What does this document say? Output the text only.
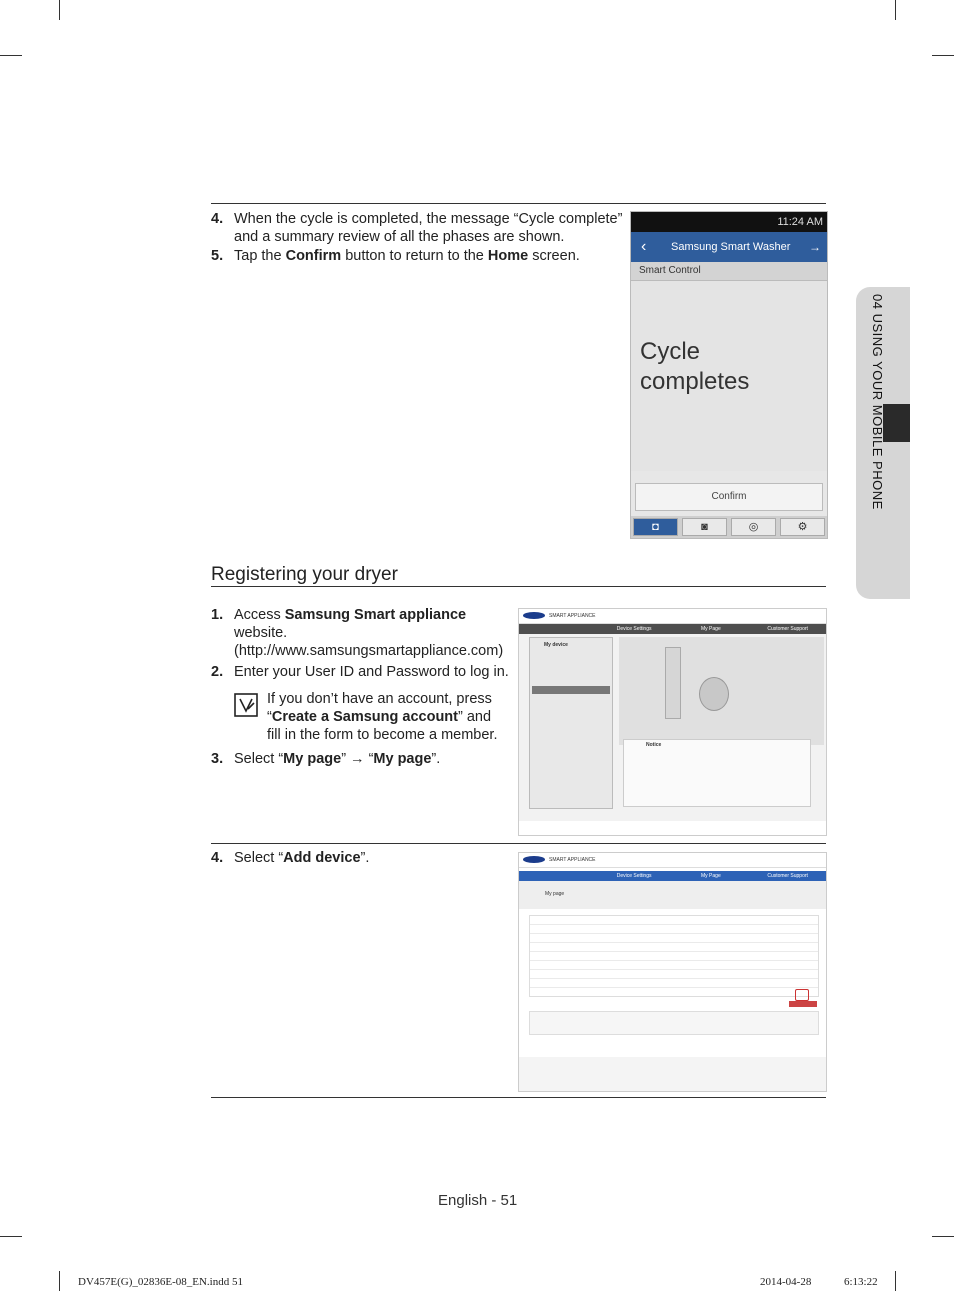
04 USING YOUR MOBILE PHONE
4. When the cycle is completed, the message “Cycle complete” and a summary review of all the phases are shown.
5. Tap the Confirm button to return to the Home screen.
11:24 AM
‹ Samsung Smart Washer →
Smart Control
Cycle
completes
Confirm
◘	◙	◎	⚙
Registering your dryer
1. Access Samsung Smart appliance website.
(http://www.samsungsmartappliance.com)
2. Enter your User ID and Password to log in.
If you don’t have an account, press “Create a Samsung account” and fill in the form to become a member.
3. Select “My page” → “My page”.
SMART APPLIANCE
Device Settings	My Page	Customer Support
My device
Notice
4. Select “Add device”.	SMART APPLIANCE
Device Settings	My Page	Customer Support
My page
English - 51
DV457E(G)_02836E-08_EN.indd 51	2014-04-28	6:13:22
